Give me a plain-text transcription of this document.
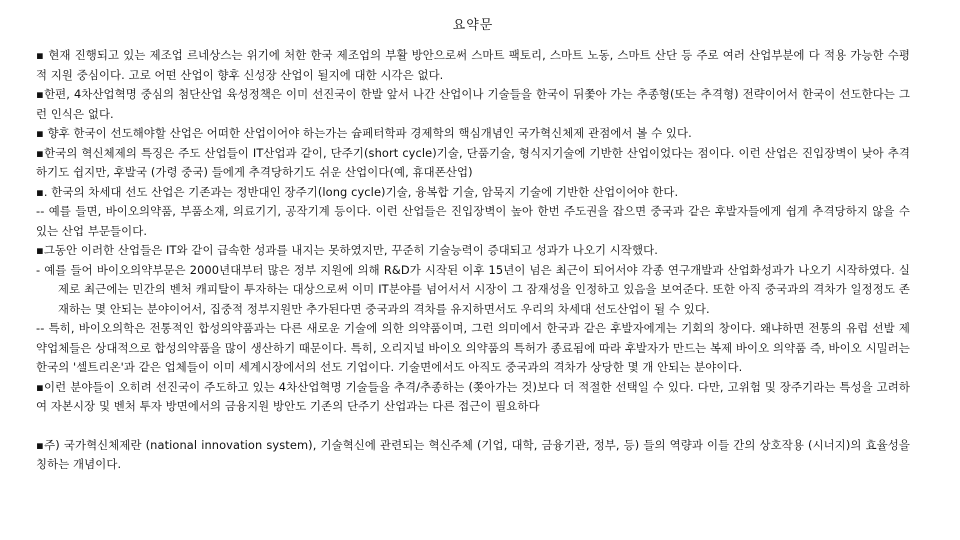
요약문

▪ 현재 진행되고 있는 제조업 르네상스는 위기에 처한 한국 제조업의 부활 방안으로써 스마트 팩토리, 스마트 노동, 스마트 산단 등 주로 여러 산업부분에 다 적용 가능한 수평적 지원 중심이다. 고로 어떤 산업이 향후 신성장 산업이 될지에 대한 시각은 없다.

▪한편, 4차산업혁명 중심의 첨단산업 육성정책은 이미 선진국이 한발 앞서 나간 산업이나 기술들을 한국이 뒤쫓아 가는 추종형(또는 추격형) 전략이어서 한국이 선도한다는 그런 인식은 없다.

▪ 향후 한국이 선도해야할 산업은 어떠한 산업이어야 하는가는 슘페터학파 경제학의 핵심개념인 국가혁신체제 관점에서 볼 수 있다.

▪한국의 혁신체제의 특징은 주도 산업들이 IT산업과 같이, 단주기(short cycle)기술, 단품기술, 형식지기술에 기반한 산업이었다는 점이다. 이런 산업은 진입장벽이 낮아 추격하기도 쉽지만, 후발국 (가령 중국) 들에게 추격당하기도 쉬운 산업이다(예, 휴대폰산업)

▪. 한국의 차세대 선도 산업은 기존과는 정반대인 장주기(long cycle)기술, 융복합 기술, 암묵지 기술에 기반한 산업이어야 한다.

-- 예를 들면, 바이오의약품, 부품소재, 의료기기, 공작기계 등이다. 이런 산업들은 진입장벽이 높아 한번 주도권을 잡으면 중국과 같은 후발자들에게 쉽게 추격당하지 않을 수 있는 산업 부문들이다.

▪그동안 이러한 산업들은 IT와 같이 급속한 성과를 내지는 못하였지만, 꾸준히 기술능력이 증대되고 성과가 나오기 시작했다.

- 예를 들어 바이오의약부문은 2000년대부터 많은 정부 지원에 의해 R&D가 시작된 이후 15년이 넘은 최근이 되어서야 각종 연구개발과 산업화성과가 나오기 시작하였다. 실제로 최근에는 민간의 벤처 캐피탈이 투자하는 대상으로써 이미 IT분야를 넘어서서 시장이 그 잠재성을 인정하고 있음을 보여준다. 또한 아직 중국과의 격차가 일정정도 존재하는 몇 안되는 분야이어서, 집중적 정부지원만 추가된다면 중국과의 격차를 유지하면서도 우리의 차세대 선도산업이 될 수 있다.

-- 특히, 바이오의학은 전통적인 합성의약품과는 다른 새로운 기술에 의한 의약품이며, 그런 의미에서 한국과 같은 후발자에게는 기회의 창이다. 왜냐하면 전통의 유럽 선발 제약업체들은 상대적으로 합성의약품을 많이 생산하기 때문이다. 특히, 오리지널 바이오 의약품의 특허가 종료됨에 따라 후발자가 만드는 복제 바이오 의약품 즉, 바이오 시밀러는 한국의 '셀트리온'과 같은 업체들이 이미 세계시장에서의 선도 기업이다. 기술면에서도 아직도 중국과의 격차가 상당한 몇 개 안되는 분야이다.

▪이런 분야들이 오히려 선진국이 주도하고 있는 4차산업혁명 기술들을 추격/추종하는 (쫒아가는 것)보다 더 적절한 선택일 수 있다. 다만, 고위험 및 장주기라는 특성을 고려하여 자본시장 및 벤처 투자 방면에서의 금융지원 방안도 기존의 단주기 산업과는 다른 접근이 필요하다

▪주) 국가혁신체제란 (national innovation system), 기술혁신에 관련되는 혁신주체 (기업, 대학, 금융기관, 정부, 등) 들의 역량과 이들 간의 상호작용 (시너지)의 효율성을 칭하는 개념이다.
